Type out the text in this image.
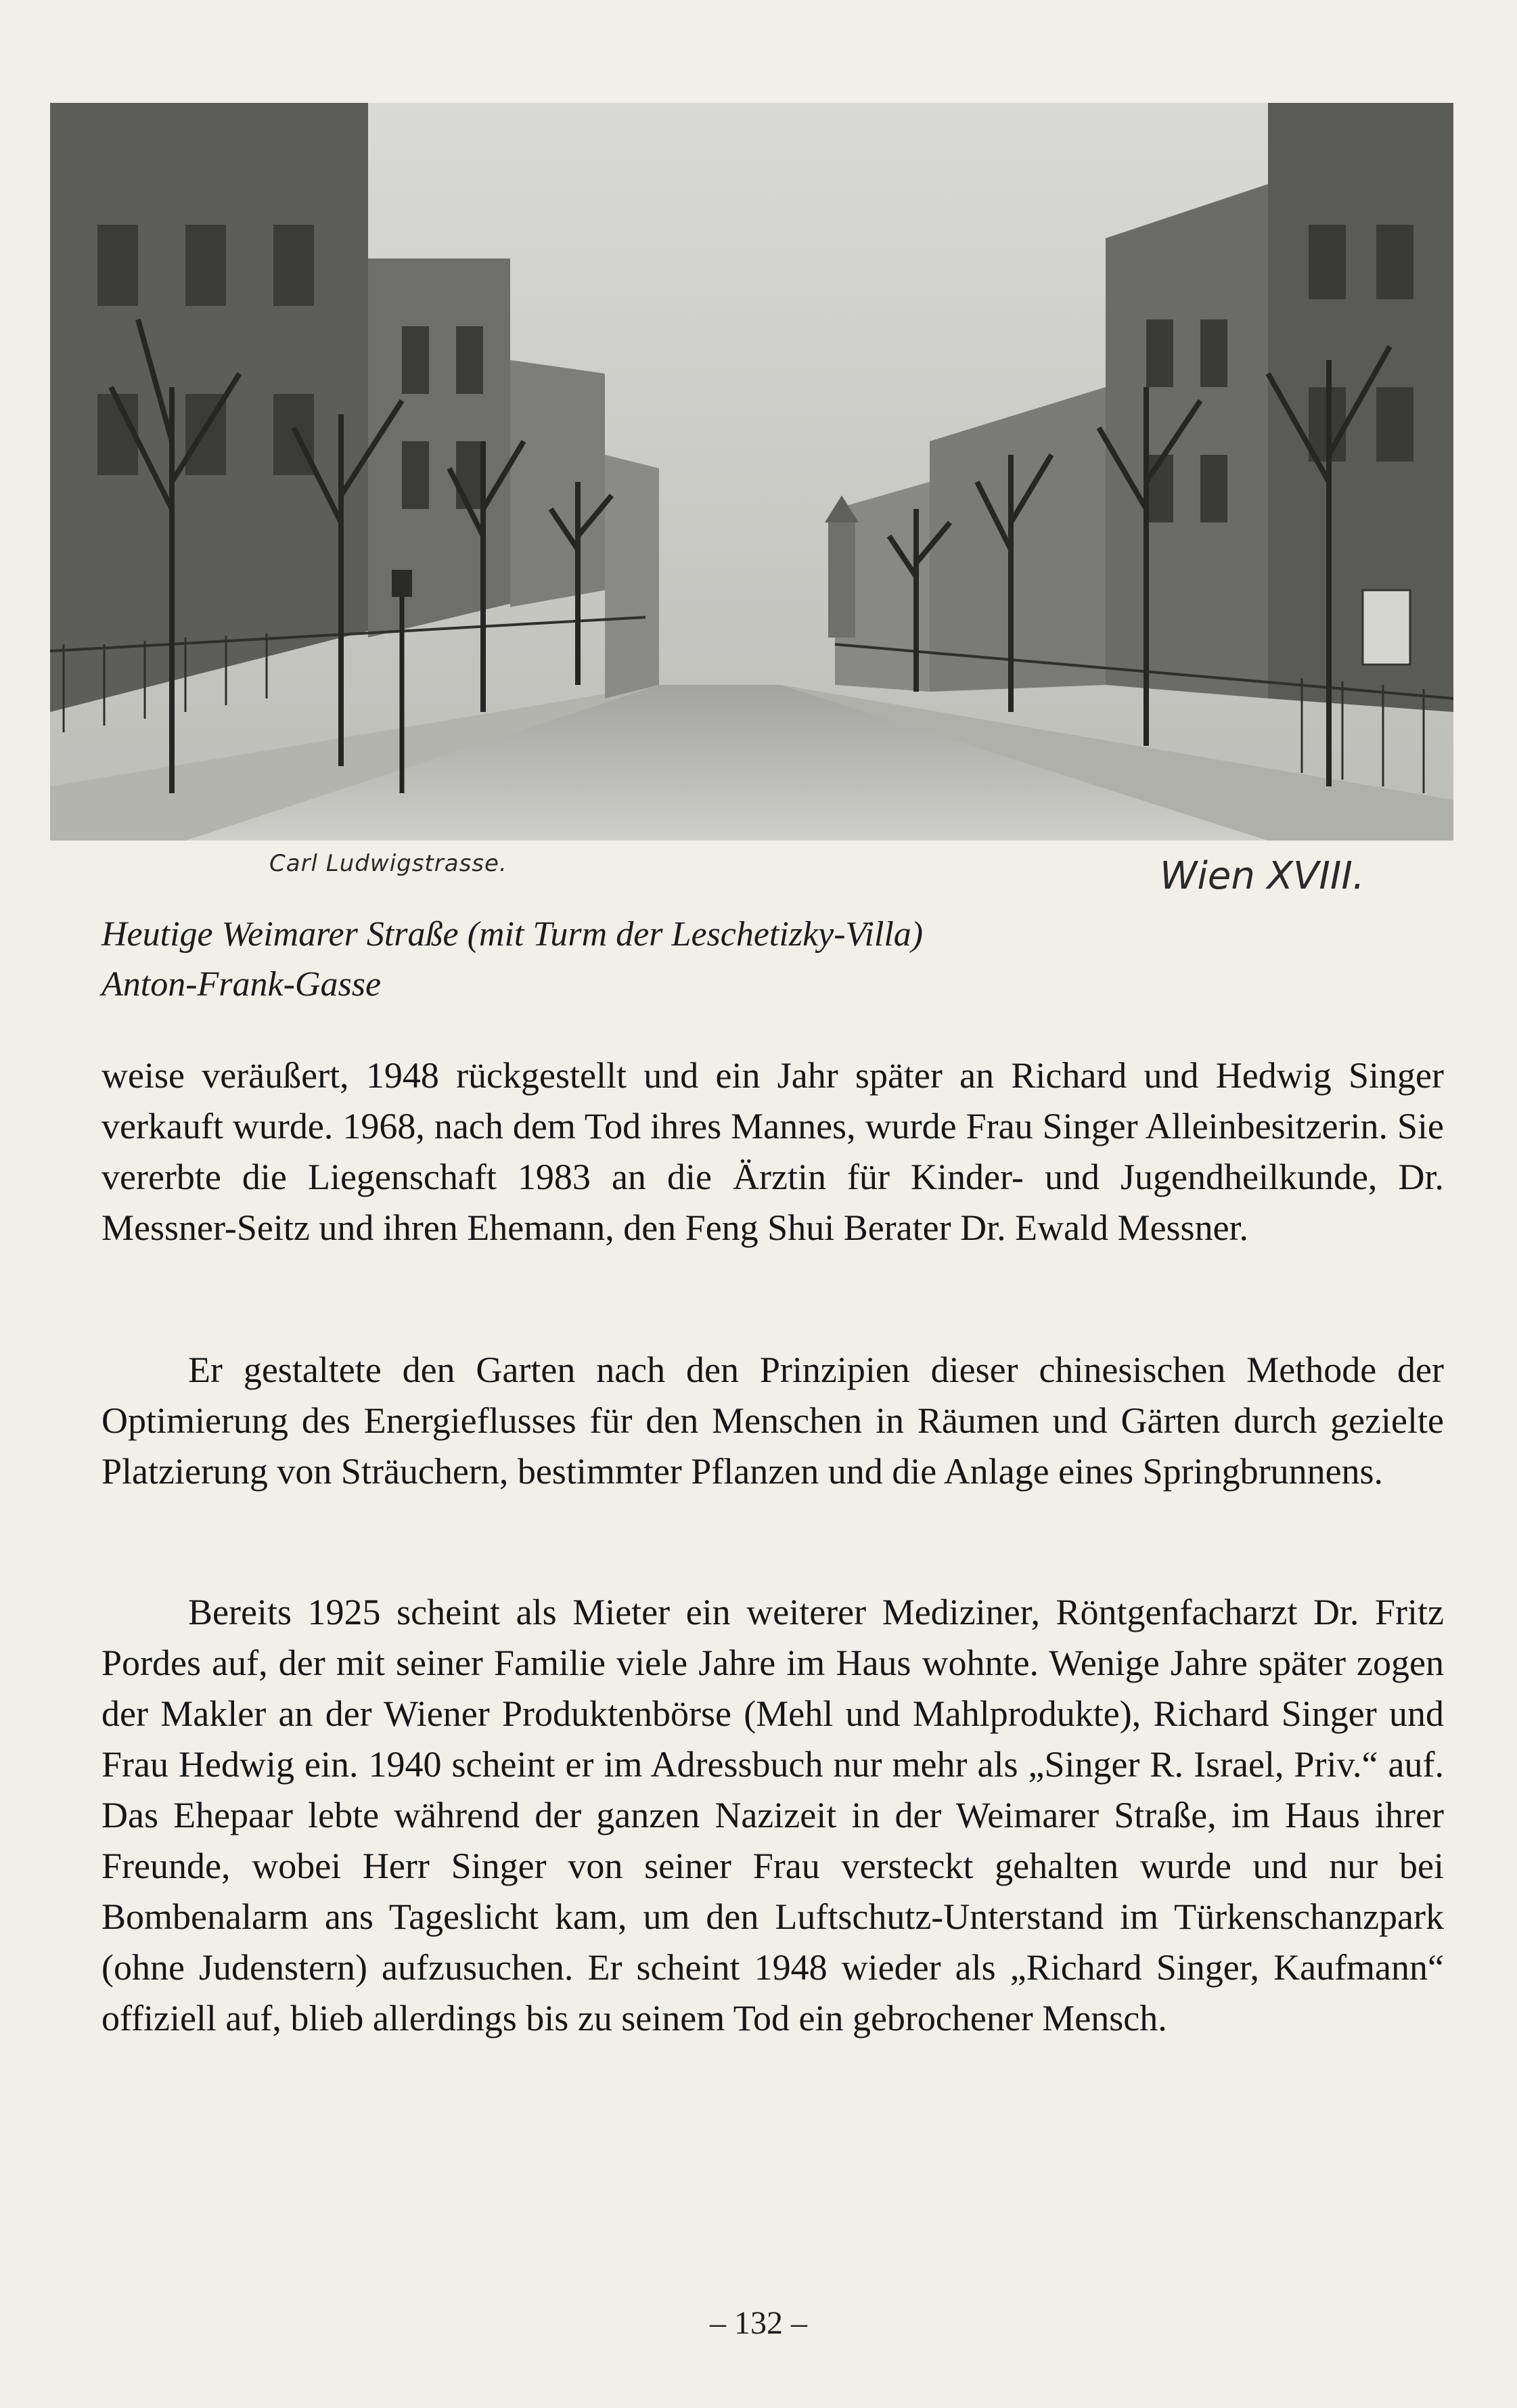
Carl Ludwigstrasse.	Wien XVIII.
Heutige Weimarer Straße (mit Turm der Leschetizky-Villa)
Anton-Frank-Gasse

weise veräußert, 1948 rückgestellt und ein Jahr später an Richard und Hedwig Singer verkauft wurde. 1968, nach dem Tod ihres Mannes, wurde Frau Singer Alleinbesitzerin. Sie vererbte die Liegenschaft 1983 an die Ärztin für Kinder- und Jugendheilkunde, Dr. Messner-Seitz und ihren Ehemann, den Feng Shui Berater Dr. Ewald Messner.

Er gestaltete den Garten nach den Prinzipien dieser chinesischen Methode der Optimierung des Energieflusses für den Menschen in Räumen und Gärten durch gezielte Platzierung von Sträuchern, bestimmter Pflanzen und die Anlage eines Springbrunnens.

Bereits 1925 scheint als Mieter ein weiterer Mediziner, Röntgenfacharzt Dr. Fritz Pordes auf, der mit seiner Familie viele Jahre im Haus wohnte. Wenige Jahre später zogen der Makler an der Wiener Produktenbörse (Mehl und Mahlprodukte), Richard Singer und Frau Hedwig ein. 1940 scheint er im Adressbuch nur mehr als „Singer R. Israel, Priv.“ auf. Das Ehepaar lebte während der ganzen Nazizeit in der Weimarer Straße, im Haus ihrer Freunde, wobei Herr Singer von seiner Frau versteckt gehalten wurde und nur bei Bombenalarm ans Tageslicht kam, um den Luftschutz-Unterstand im Türkenschanzpark (ohne Judenstern) aufzusuchen. Er scheint 1948 wieder als „Richard Singer, Kaufmann“ offiziell auf, blieb allerdings bis zu seinem Tod ein gebrochener Mensch.

– 132 –
